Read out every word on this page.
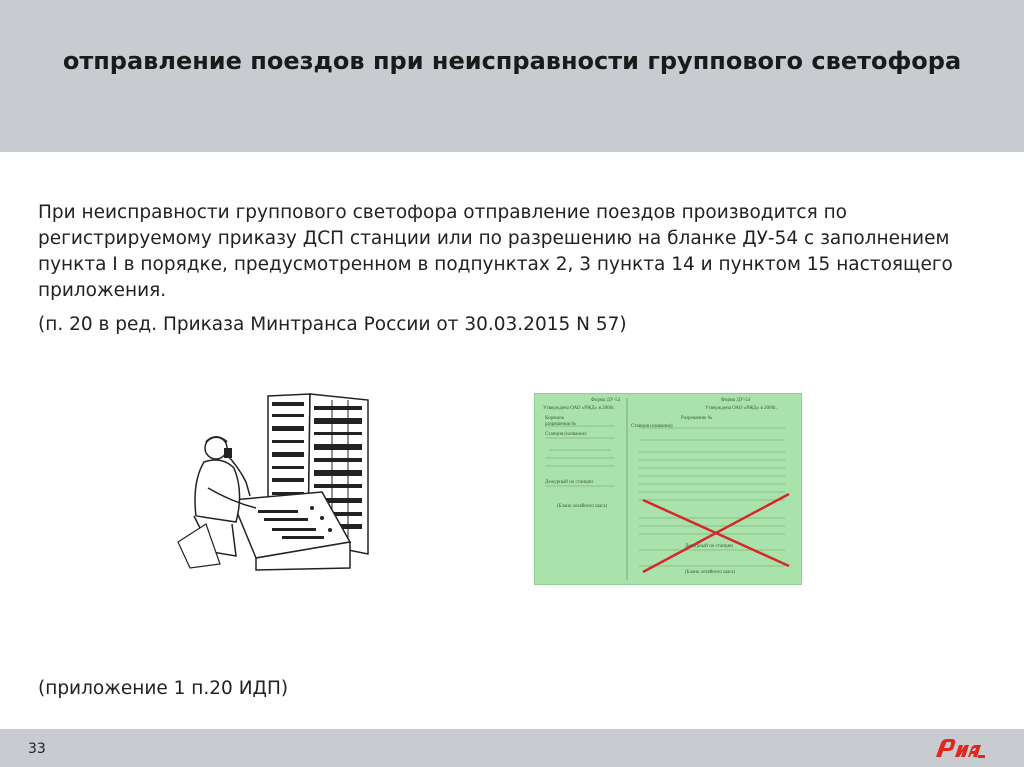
отправление поездов при неисправности группового светофора

При неисправности группового светофора отправление поездов производится по регистрируемому приказу ДСП станции или по разрешению на бланке ДУ-54 с заполнением пункта I в порядке, предусмотренном в подпунктах 2, 3 пункта 14 и пунктом 15 настоящего приложения.

(п. 20 в ред. Приказа Минтранса России от 30.03.2015 N 57)

Форма ДУ-54
Утверждена ОАО «РЖД» в 2006г.
Корешок
разрешения №
Станция (название)
Дежурный по станции
(Бланк хозяйного шага)
Форма ДУ-54
Утверждена ОАО «РЖД» в 2006г.
Разрешение №
Станция (название)
Дежурный по станции
(Бланк хозяйного шага)
(приложение 1 п.20 ИДП)
33
